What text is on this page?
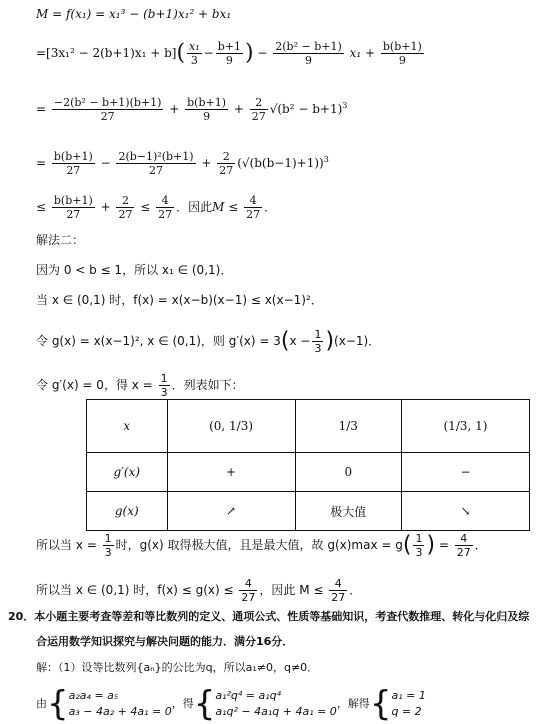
M = f(x₁) = x₁³ − (b+1)x₁² + bx₁
$=[3x_1^2 - 2(b+1)x_1 + b]( \frac{\text{x₁}}{3} - \frac{b+1}{9}$ ) − $\frac{\text{2(b² − b+1)}}{9} x_1 + \frac{b(b+1)}{9}$
= $\frac{\text{−2(b² − b+1)(b+1)}}{27} + \frac{b(b+1)}{9} + \frac{2}{27} √(b^2 - b+1)^3$
= $\frac{b(b+1)}{27} - \frac{\text{2(b−1)²(b+1)}}{27} + \frac{2}{27} (√(b(b-1)+1))^3$
≤ $\frac{b(b+1)}{27} + \frac{2}{27} \le \frac{4}{27}$ ．因此$M \le \frac{4}{27}$ ．
解法二：
因为 0 < b ≤ 1，所以 x₁ ∈ (0,1)．
当 x ∈ (0,1) 时，f(x) = x(x−b)(x−1) ≤ x(x−1)²．
令 g(x) = x(x−1)², x ∈ (0,1)，则 $g'(x) = 3(x - \frac{1}{3} )(x-1)$．
令 g′(x) = 0，得 $x = \frac{1}{3}$ ．列表如下：
x	(0, 1/3)	1/3	(1/3, 1)
g′(x)	+	0	−
g(x)	↗	极大值	↘
所以当 $x = \frac{1}{3}$ 时，g(x) 取得极大值，且是最大值，故 $g(x)\max = g( \frac{1}{3}$ ) = $\frac{4}{27}$ ．
所以当 x ∈ (0,1) 时，$f(x) \le g(x) \le \frac{4}{27}$ ，因此 $M \le \frac{4}{27}$ ．
20．本小题主要考查等差和等比数列的定义、通项公式、性质等基础知识，考查代数推理、转化与化归及综
合运用数学知识探究与解决问题的能力．满分16分．
解：（1）设等比数列{aₙ}的公比为q，所以a₁≠0，q≠0．
由{ a₂a₄ = a₅
a₃ − 4a₂ + 4a₁ = 0
，得{ a₁²q⁴ = a₁q⁴
a₁q² − 4a₁q + 4a₁ = 0
，解得{ a₁ = 1
q = 2
